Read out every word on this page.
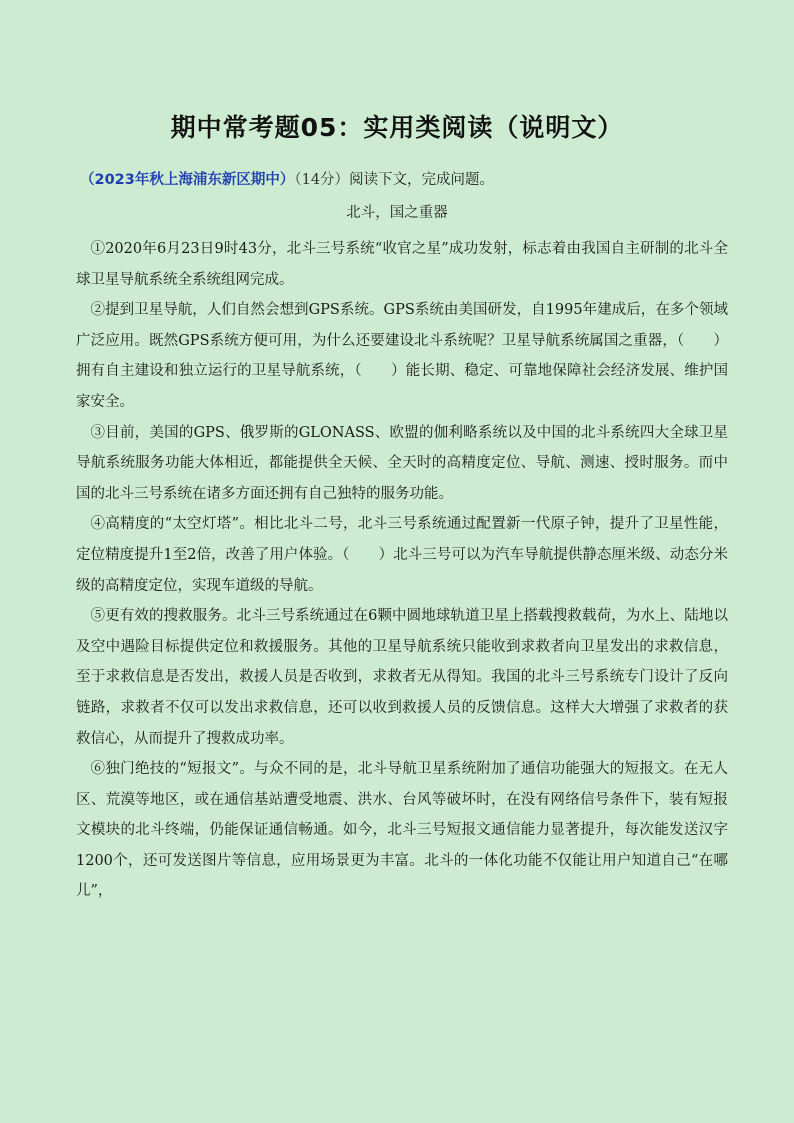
期中常考题05：实用类阅读（说明文）
（2023年秋上海浦东新区期中）（14分）阅读下文，完成问题。
北斗，国之重器

①2020年6月23日9时43分，北斗三号系统“收官之星”成功发射，标志着由我国自主研制的北斗全球卫星导航系统全系统组网完成。

②提到卫星导航，人们自然会想到GPS系统。GPS系统由美国研发，自1995年建成后，在多个领域广泛应用。既然GPS系统方便可用，为什么还要建设北斗系统呢？卫星导航系统属国之重器，（　　）拥有自主建设和独立运行的卫星导航系统，（　　）能长期、稳定、可靠地保障社会经济发展、维护国家安全。

③目前，美国的GPS、俄罗斯的GLONASS、欧盟的伽利略系统以及中国的北斗系统四大全球卫星导航系统服务功能大体相近，都能提供全天候、全天时的高精度定位、导航、测速、授时服务。而中国的北斗三号系统在诸多方面还拥有自己独特的服务功能。

④高精度的“太空灯塔”。相比北斗二号，北斗三号系统通过配置新一代原子钟，提升了卫星性能，定位精度提升1至2倍，改善了用户体验。（　　）北斗三号可以为汽车导航提供静态厘米级、动态分米级的高精度定位，实现车道级的导航。

⑤更有效的搜救服务。北斗三号系统通过在6颗中圆地球轨道卫星上搭载搜救载荷，为水上、陆地以及空中遇险目标提供定位和救援服务。其他的卫星导航系统只能收到求救者向卫星发出的求救信息，至于求救信息是否发出，救援人员是否收到，求救者无从得知。我国的北斗三号系统专门设计了反向链路，求救者不仅可以发出求救信息，还可以收到救援人员的反馈信息。这样大大增强了求救者的获救信心，从而提升了搜救成功率。

⑥独门绝技的“短报文”。与众不同的是，北斗导航卫星系统附加了通信功能强大的短报文。在无人区、荒漠等地区，或在通信基站遭受地震、洪水、台风等破坏时，在没有网络信号条件下，装有短报文模块的北斗终端，仍能保证通信畅通。如今，北斗三号短报文通信能力显著提升，每次能发送汉字1200个，还可发送图片等信息，应用场景更为丰富。北斗的一体化功能不仅能让用户知道自己“在哪儿”，
